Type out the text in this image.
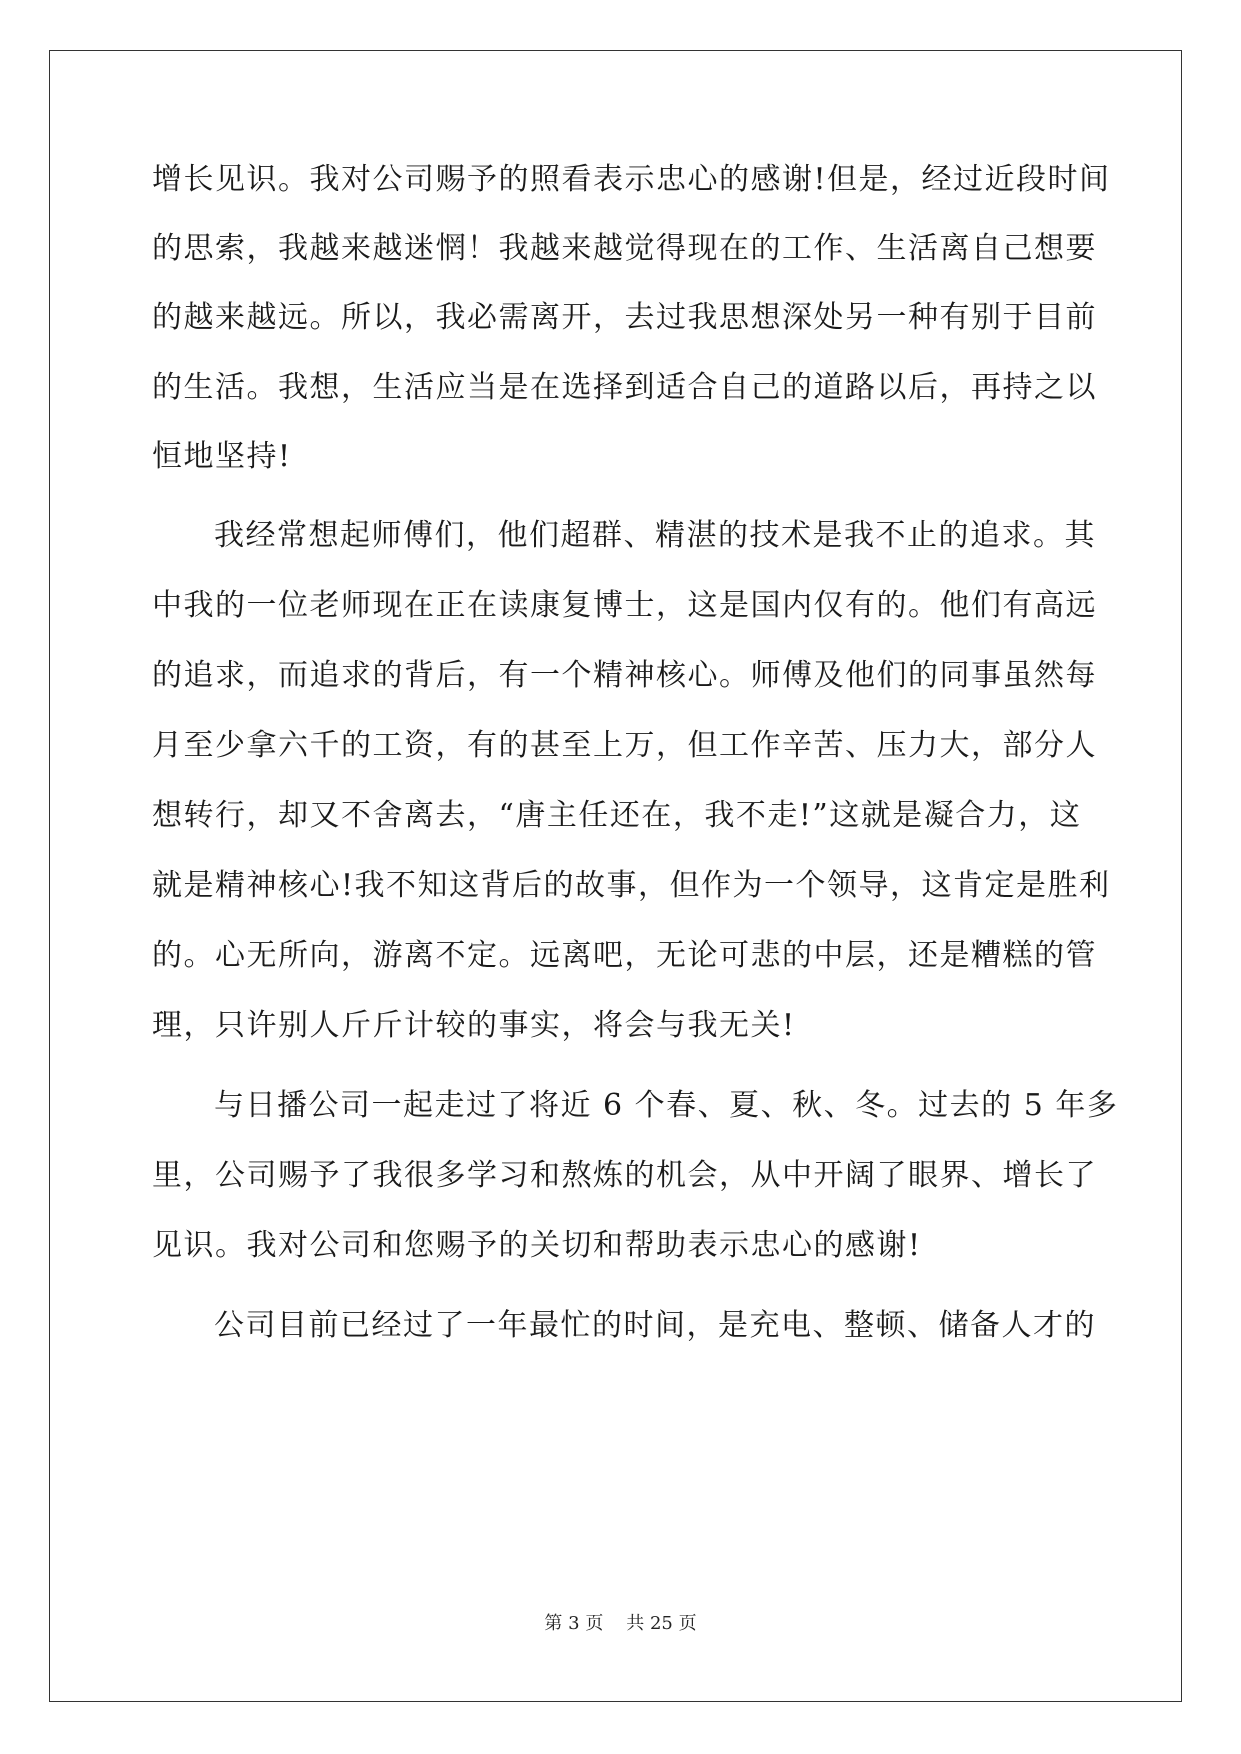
增长见识。我对公司赐予的照看表示忠心的感谢!但是，经过近段时间
的思索，我越来越迷惘！我越来越觉得现在的工作、生活离自己想要
的越来越远。所以，我必需离开，去过我思想深处另一种有别于目前
的生活。我想，生活应当是在选择到适合自己的道路以后，再持之以
恒地坚持!
我经常想起师傅们，他们超群、精湛的技术是我不止的追求。其
中我的一位老师现在正在读康复博士，这是国内仅有的。他们有高远
的追求，而追求的背后，有一个精神核心。师傅及他们的同事虽然每
月至少拿六千的工资，有的甚至上万，但工作辛苦、压力大，部分人
想转行，却又不舍离去，“唐主任还在，我不走!”这就是凝合力，这
就是精神核心!我不知这背后的故事，但作为一个领导，这肯定是胜利
的。心无所向，游离不定。远离吧，无论可悲的中层，还是糟糕的管
理，只许别人斤斤计较的事实，将会与我无关!
与日播公司一起走过了将近 6 个春、夏、秋、冬。过去的 5 年多
里，公司赐予了我很多学习和熬炼的机会，从中开阔了眼界、增长了
见识。我对公司和您赐予的关切和帮助表示忠心的感谢!
公司目前已经过了一年最忙的时间，是充电、整顿、储备人才的
第 3 页 共 25 页
